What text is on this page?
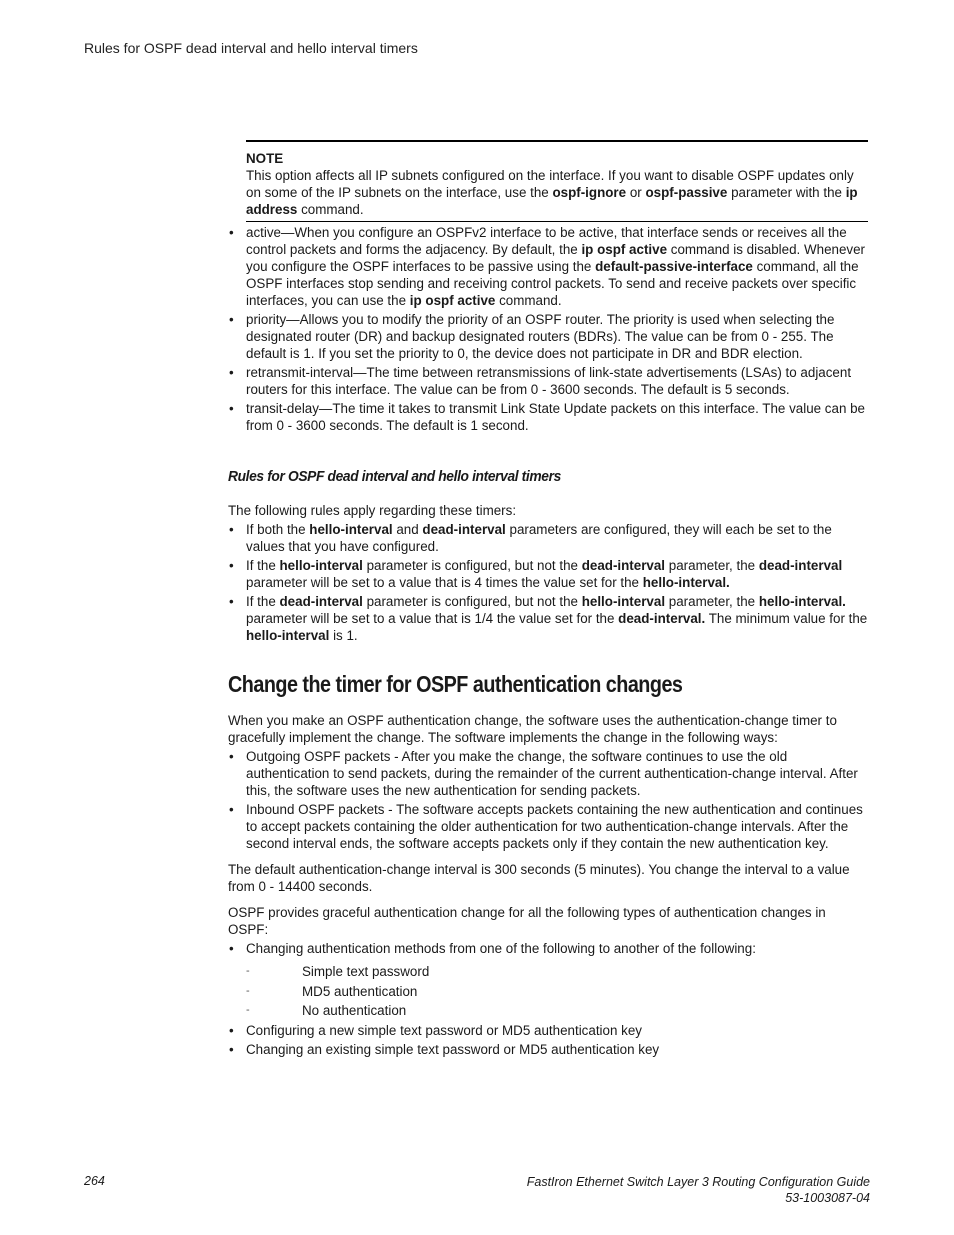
Rules for OSPF dead interval and hello interval timers
NOTE
This option affects all IP subnets configured on the interface. If you want to disable OSPF updates only on some of the IP subnets on the interface, use the ospf-ignore or ospf-passive parameter with the ip address command.
• active—When you configure an OSPFv2 interface to be active, that interface sends or receives all the control packets and forms the adjacency. By default, the ip ospf active command is disabled. Whenever you configure the OSPF interfaces to be passive using the default-passive-interface command, all the OSPF interfaces stop sending and receiving control packets. To send and receive packets over specific interfaces, you can use the ip ospf active command.
• priority—Allows you to modify the priority of an OSPF router. The priority is used when selecting the designated router (DR) and backup designated routers (BDRs). The value can be from 0 - 255. The default is 1. If you set the priority to 0, the device does not participate in DR and BDR election.
• retransmit-interval—The time between retransmissions of link-state advertisements (LSAs) to adjacent routers for this interface. The value can be from 0 - 3600 seconds. The default is 5 seconds.
• transit-delay—The time it takes to transmit Link State Update packets on this interface. The value can be from 0 - 3600 seconds. The default is 1 second.
Rules for OSPF dead interval and hello interval timers

The following rules apply regarding these timers:

• If both the hello-interval and dead-interval parameters are configured, they will each be set to the values that you have configured.
• If the hello-interval parameter is configured, but not the dead-interval parameter, the dead-interval parameter will be set to a value that is 4 times the value set for the hello-interval.
• If the dead-interval parameter is configured, but not the hello-interval parameter, the hello-interval. parameter will be set to a value that is 1/4 the value set for the dead-interval. The minimum value for the hello-interval is 1.
Change the timer for OSPF authentication changes

When you make an OSPF authentication change, the software uses the authentication-change timer to gracefully implement the change. The software implements the change in the following ways:

• Outgoing OSPF packets - After you make the change, the software continues to use the old authentication to send packets, during the remainder of the current authentication-change interval. After this, the software uses the new authentication for sending packets.
• Inbound OSPF packets - The software accepts packets containing the new authentication and continues to accept packets containing the older authentication for two authentication-change intervals. After the second interval ends, the software accepts packets only if they contain the new authentication key.

The default authentication-change interval is 300 seconds (5 minutes). You change the interval to a value from 0 - 14400 seconds.

OSPF provides graceful authentication change for all the following types of authentication changes in OSPF:

• Changing authentication methods from one of the following to another of the following:
- Simple text password
- MD5 authentication
- No authentication
• Configuring a new simple text password or MD5 authentication key
• Changing an existing simple text password or MD5 authentication key
264	FastIron Ethernet Switch Layer 3 Routing Configuration Guide
53-1003087-04
